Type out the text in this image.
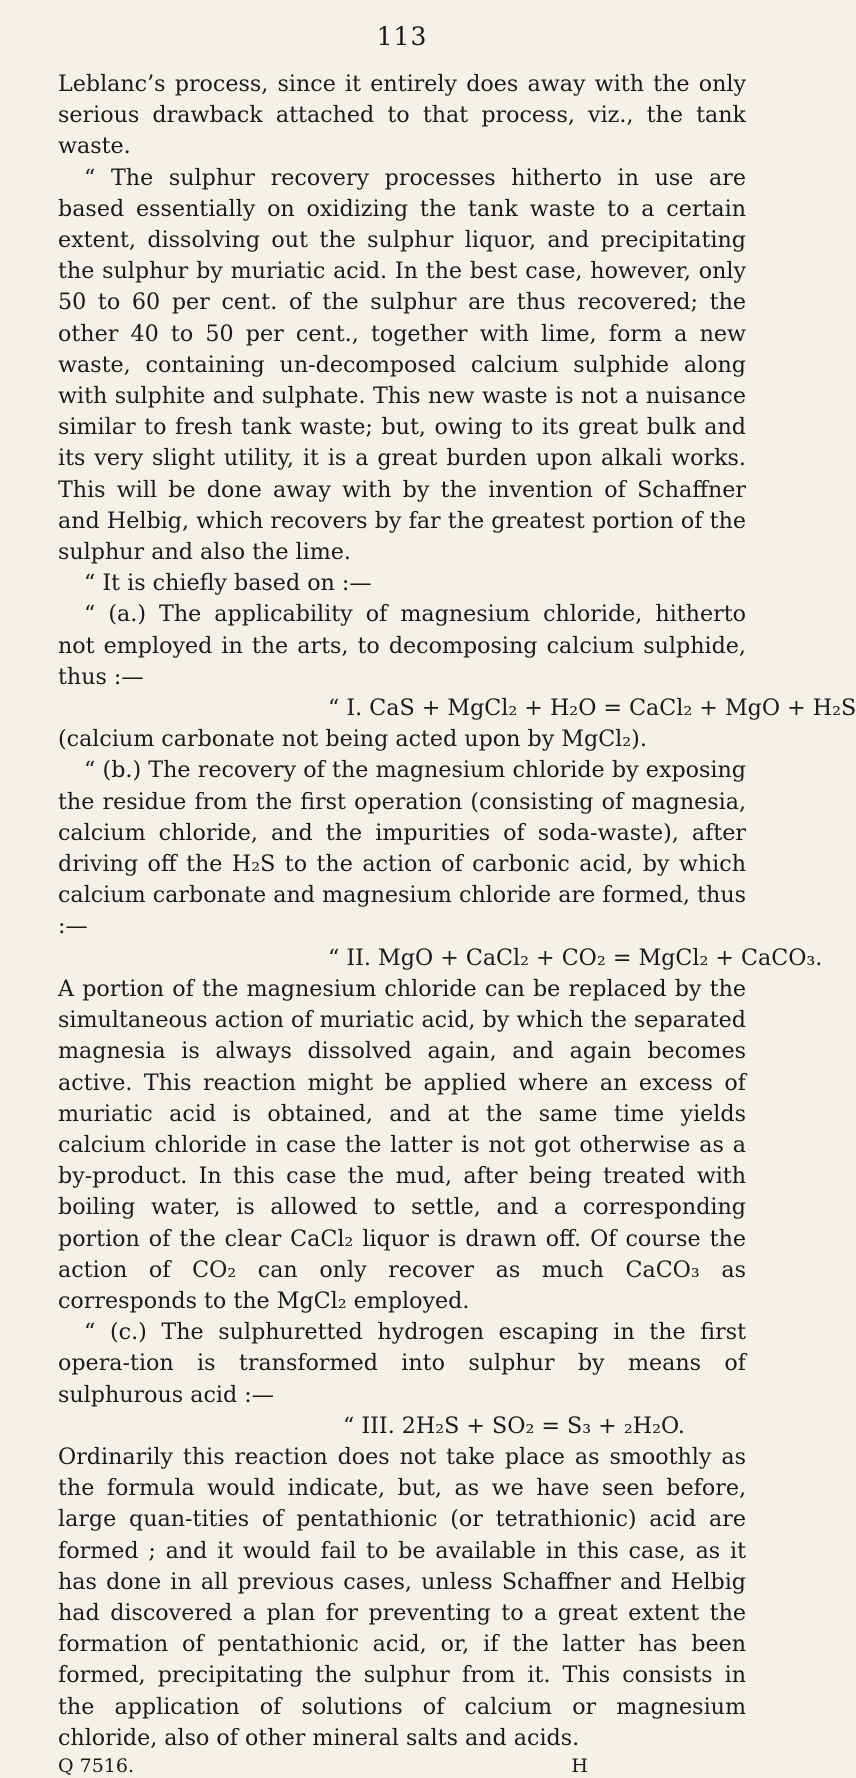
113

Leblanc’s process, since it entirely does away with the only serious drawback attached to that process, viz., the tank waste.

“ The sulphur recovery processes hitherto in use are based essentially on oxidizing the tank waste to a certain extent, dissolving out the sulphur liquor, and precipitating the sulphur by muriatic acid. In the best case, however, only 50 to 60 per cent. of the sulphur are thus recovered; the other 40 to 50 per cent., together with lime, form a new waste, containing un-decomposed calcium sulphide along with sulphite and sulphate. This new waste is not a nuisance similar to fresh tank waste; but, owing to its great bulk and its very slight utility, it is a great burden upon alkali works. This will be done away with by the invention of Schaffner and Helbig, which recovers by far the greatest portion of the sulphur and also the lime.

“ It is chiefly based on :—

“ (a.) The applicability of magnesium chloride, hitherto not employed in the arts, to decomposing calcium sulphide, thus :—

“ I. CaS + MgCl₂ + H₂O = CaCl₂ + MgO + H₂S

(calcium carbonate not being acted upon by MgCl₂).

“ (b.) The recovery of the magnesium chloride by exposing the residue from the first operation (consisting of magnesia, calcium chloride, and the impurities of soda-waste), after driving off the H₂S to the action of carbonic acid, by which calcium carbonate and magnesium chloride are formed, thus :—

“ II. MgO + CaCl₂ + CO₂ = MgCl₂ + CaCO₃.

A portion of the magnesium chloride can be replaced by the simultaneous action of muriatic acid, by which the separated magnesia is always dissolved again, and again becomes active. This reaction might be applied where an excess of muriatic acid is obtained, and at the same time yields calcium chloride in case the latter is not got otherwise as a by-product. In this case the mud, after being treated with boiling water, is allowed to settle, and a corresponding portion of the clear CaCl₂ liquor is drawn off. Of course the action of CO₂ can only recover as much CaCO₃ as corresponds to the MgCl₂ employed.

“ (c.) The sulphuretted hydrogen escaping in the first opera-tion is transformed into sulphur by means of sulphurous acid :—

“ III. 2H₂S + SO₂ = S₃ + ₂H₂O.

Ordinarily this reaction does not take place as smoothly as the formula would indicate, but, as we have seen before, large quan-tities of pentathionic (or tetrathionic) acid are formed ; and it would fail to be available in this case, as it has done in all previous cases, unless Schaffner and Helbig had discovered a plan for preventing to a great extent the formation of pentathionic acid, or, if the latter has been formed, precipitating the sulphur from it. This consists in the application of solutions of calcium or magnesium chloride, also of other mineral salts and acids.

Q 7516.	H
